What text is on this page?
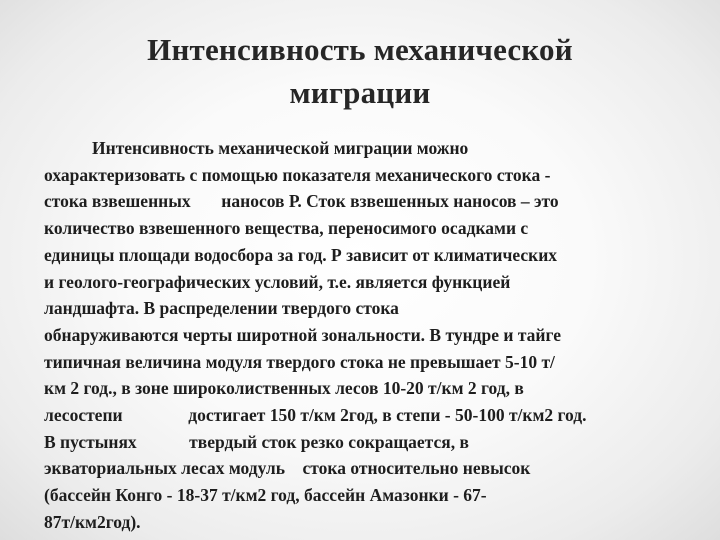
Интенсивность механической
миграции
Интенсивность механической миграции можно
охарактеризовать с помощью показателя механического стока -
стока взвешенных       наносов Р. Сток взвешенных наносов – это
количество взвешенного вещества, переносимого осадками с
единицы площади водосбора за год. Р зависит от климатических
и геолого-географических условий, т.е. является функцией
ландшафта. В распределении твердого стока
обнаруживаются черты широтной зональности. В тундре и тайге
типичная величина модуля твердого стока не превышает 5-10 т/
км 2 год., в зоне широколиственных лесов 10-20 т/км 2 год, в
лесостепи               достигает 150 т/км 2год, в степи - 50-100 т/км2 год.
В пустынях            твердый сток резко сокращается, в
экваториальных лесах модуль    стока относительно невысок
(бассейн Конго - 18-37 т/км2 год, бассейн Амазонки - 67-
87т/км2год).
